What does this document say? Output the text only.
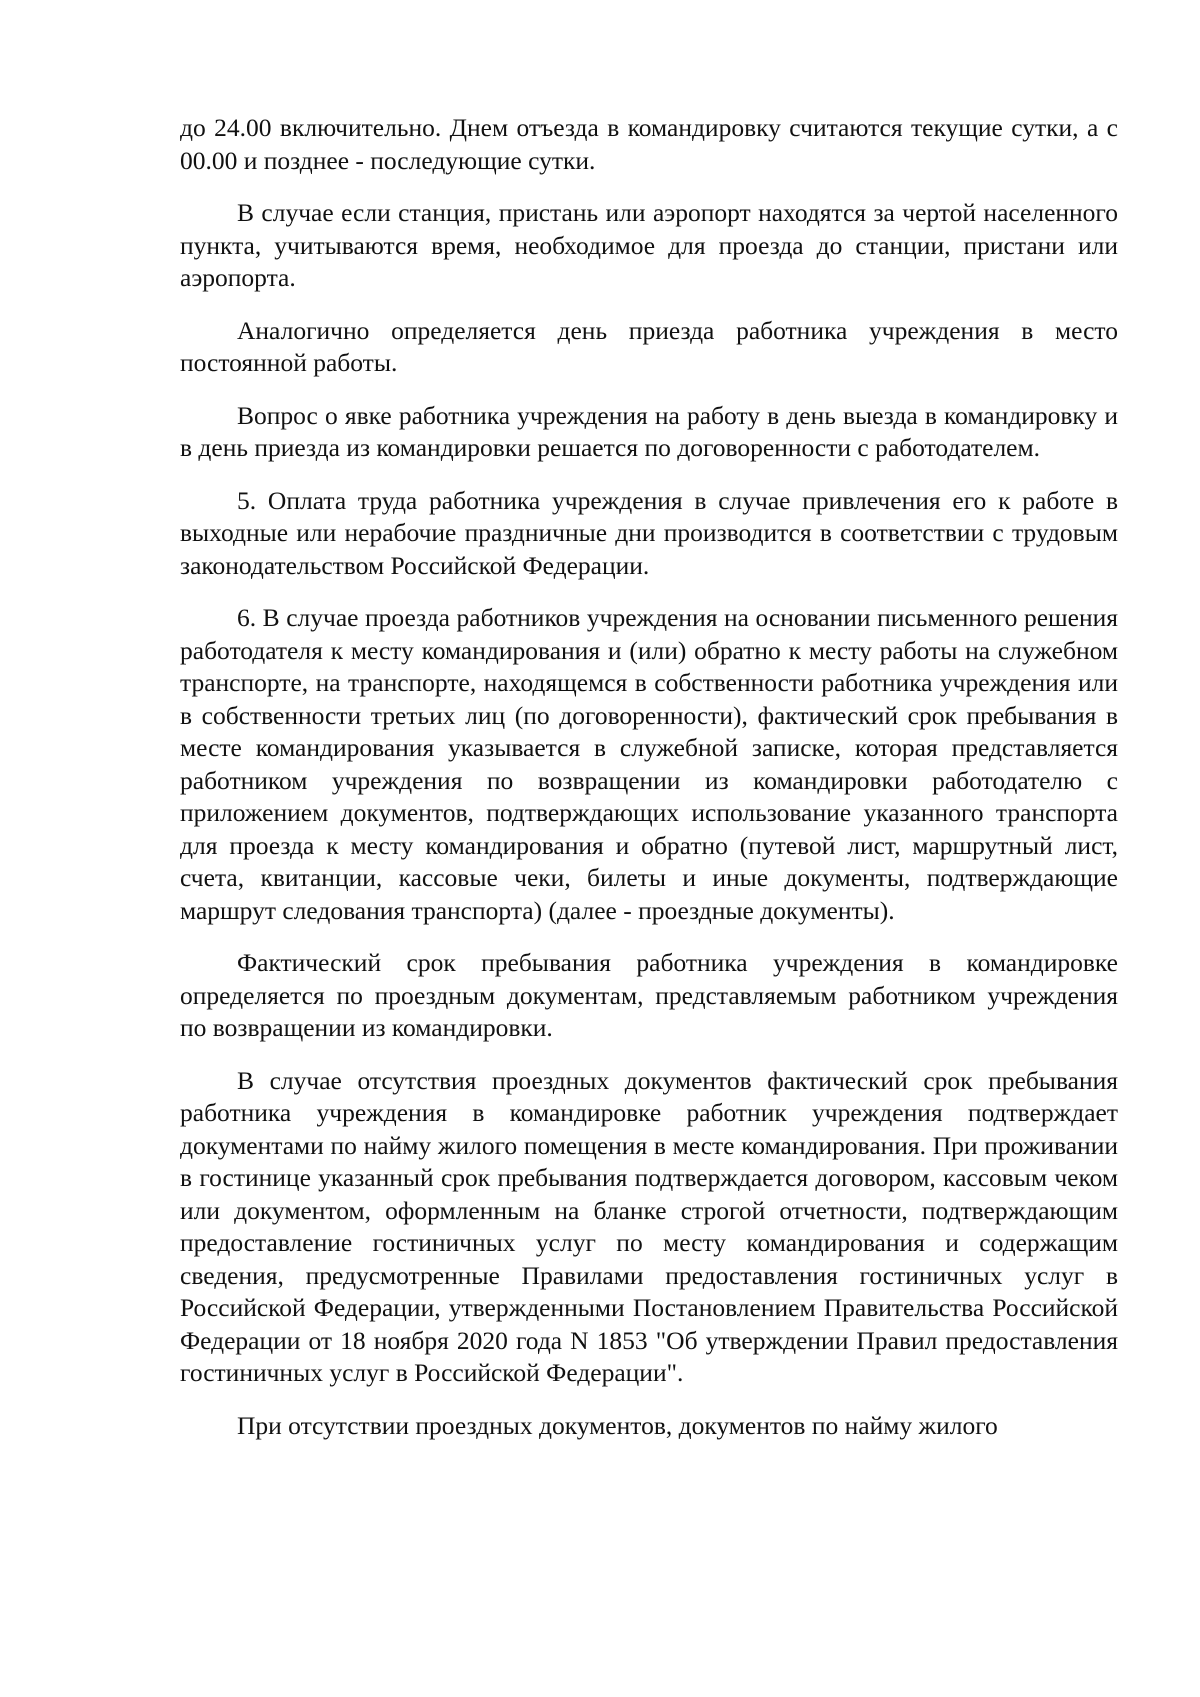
до 24.00 включительно. Днем отъезда в командировку считаются текущие сутки, а с 00.00 и позднее - последующие сутки.

В случае если станция, пристань или аэропорт находятся за чертой населенного пункта, учитываются время, необходимое для проезда до станции, пристани или аэропорта.

Аналогично определяется день приезда работника учреждения в место постоянной работы.

Вопрос о явке работника учреждения на работу в день выезда в командировку и в день приезда из командировки решается по договоренности с работодателем.

5. Оплата труда работника учреждения в случае привлечения его к работе в выходные или нерабочие праздничные дни производится в соответствии с трудовым законодательством Российской Федерации.

6. В случае проезда работников учреждения на основании письменного решения работодателя к месту командирования и (или) обратно к месту работы на служебном транспорте, на транспорте, находящемся в собственности работника учреждения или в собственности третьих лиц (по договоренности), фактический срок пребывания в месте командирования указывается в служебной записке, которая представляется работником учреждения по возвращении из командировки работодателю с приложением документов, подтверждающих использование указанного транспорта для проезда к месту командирования и обратно (путевой лист, маршрутный лист, счета, квитанции, кассовые чеки, билеты и иные документы, подтверждающие маршрут следования транспорта) (далее - проездные документы).

Фактический срок пребывания работника учреждения в командировке определяется по проездным документам, представляемым работником учреждения по возвращении из командировки.

В случае отсутствия проездных документов фактический срок пребывания работника учреждения в командировке работник учреждения подтверждает документами по найму жилого помещения в месте командирования. При проживании в гостинице указанный срок пребывания подтверждается договором, кассовым чеком или документом, оформленным на бланке строгой отчетности, подтверждающим предоставление гостиничных услуг по месту командирования и содержащим сведения, предусмотренные Правилами предоставления гостиничных услуг в Российской Федерации, утвержденными Постановлением Правительства Российской Федерации от 18 ноября 2020 года N 1853 "Об утверждении Правил предоставления гостиничных услуг в Российской Федерации".

При отсутствии проездных документов, документов по найму жилого
